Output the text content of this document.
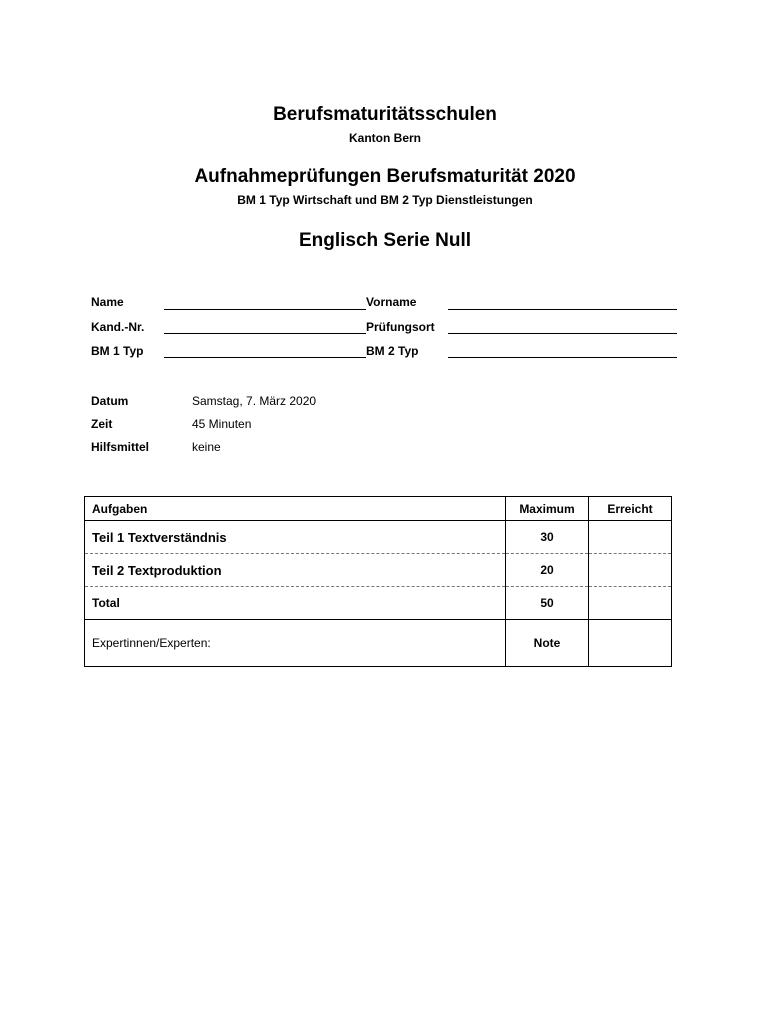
Berufsmaturitätsschulen
Kanton Bern
Aufnahmeprüfungen Berufsmaturität 2020
BM 1 Typ Wirtschaft und BM 2 Typ Dienstleistungen
Englisch Serie Null
Name	Vorname
Kand.-Nr.	Prüfungsort
BM 1 Typ	BM 2 Typ
Datum	Samstag, 7. März 2020
Zeit	45 Minuten
Hilfsmittel	keine
Aufgaben	Maximum	Erreicht
Teil 1 Textverständnis	30	
Teil 2 Textproduktion	20	
Total	50	
Expertinnen/Experten:	Note	
